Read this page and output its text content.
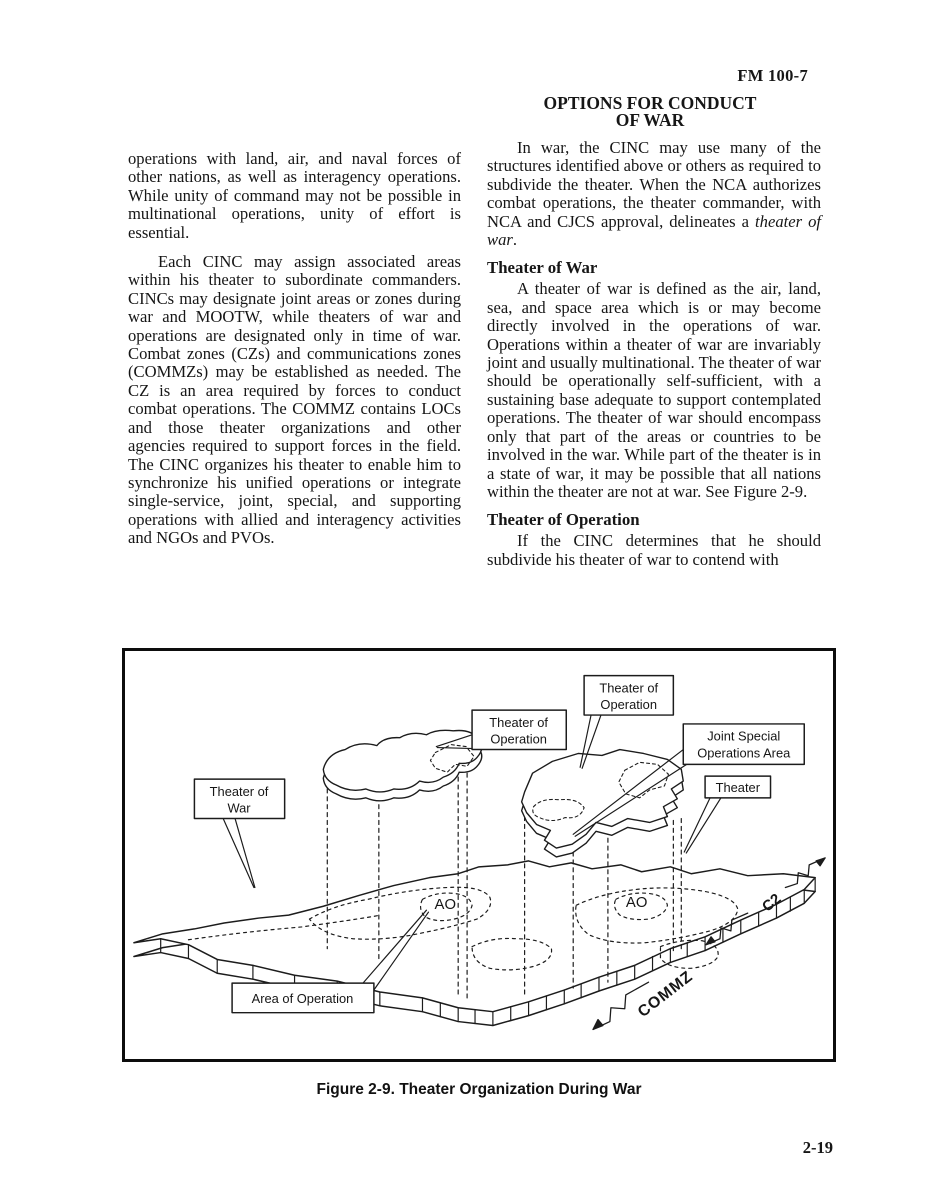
FM 100-7
OPTIONS FOR CONDUCT
OF WAR

operations with land, air, and naval forces of other nations, as well as interagency operations. While unity of command may not be possible in multinational operations, unity of effort is essential.

Each CINC may assign associated areas within his theater to subordinate commanders. CINCs may designate joint areas or zones during war and MOOTW, while theaters of war and operations are designated only in time of war. Combat zones (CZs) and communications zones (COMMZs) may be established as needed. The CZ is an area required by forces to conduct combat operations. The COMMZ contains LOCs and those theater organizations and other agencies required to support forces in the field. The CINC organizes his theater to enable him to synchronize his unified operations or integrate single-service, joint, special, and supporting operations with allied and interagency activities and NGOs and PVOs.

In war, the CINC may use many of the structures identified above or others as required to subdivide the theater. When the NCA authorizes combat operations, the theater commander, with NCA and CJCS approval, delineates a theater of war.

Theater of War

A theater of war is defined as the air, land, sea, and space area which is or may become directly involved in the operations of war. Operations within a theater of war are invariably joint and usually multinational. The theater of war should be operationally self-sufficient, with a sustaining base adequate to support contemplated operations. The theater of war should encompass only that part of the areas or countries to be involved in the war. While part of the theater is in a state of war, it may be possible that all nations within the theater are not at war. See Figure 2-9.

Theater of Operation

If the CINC determines that he should subdivide his theater of war to contend with

Theater of
War
Theater of
Operation
Theater of
Operation
Joint Special
Operations Area
Theater
Area of Operation
AO	AO
COMMZ
C2
Figure 2-9. Theater Organization During War
2-19
